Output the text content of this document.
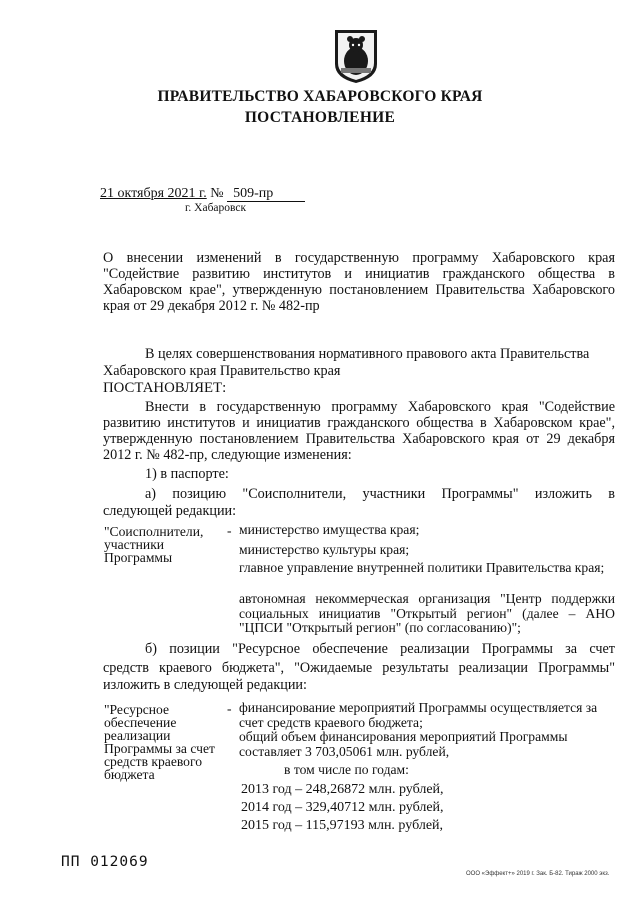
ПРАВИТЕЛЬСТВО ХАБАРОВСКОГО КРАЯ
ПОСТАНОВЛЕНИЕ
21 октября 2021 г. № 509-пр
г. Хабаровск
О внесении изменений в государственную программу Хабаровского края "Содействие развитию институтов и инициатив гражданского общества в Хабаровском крае", утвержденную постановлением Правительства Хабаровского края от 29 декабря 2012 г. № 482-пр
В целях совершенствования нормативного правового акта Правительства
Хабаровского края Правительство края
ПОСТАНОВЛЯЕТ:
Внести в государственную программу Хабаровского края "Содействие развитию институтов и инициатив гражданского общества в Хабаровском крае", утвержденную постановлением Правительства Хабаровского края от 29 декабря 2012 г. № 482-пр, следующие изменения:
1) в паспорте:
а) позицию "Соисполнители, участники Программы" изложить в
следующей редакции:
"Соисполнители, участники Программы
- министерство имущества края;
министерство культуры края;
главное управление внутренней политики Правительства края;
автономная некоммерческая организация "Центр поддержки социальных инициатив "Открытый регион" (далее – АНО "ЦПСИ "Открытый регион" (по согласованию)";
б) позиции "Ресурсное обеспечение реализации Программы за счет
средств краевого бюджета", "Ожидаемые результаты реализации Программы"
изложить в следующей редакции:
"Ресурсное обеспечение реализации Программы за счет средств краевого бюджета
- финансирование мероприятий Программы осуществляется за счет средств краевого бюджета;
общий объем финансирования мероприятий Программы составляет 3 703,05061 млн. рублей,
в том числе по годам:
2013 год – 248,26872 млн. рублей,
2014 год – 329,40712 млн. рублей,
2015 год – 115,97193 млн. рублей,
ПП 012069
ООО «Эффект+» 2019 г. Зак. Б-82. Тираж 2000 экз.
